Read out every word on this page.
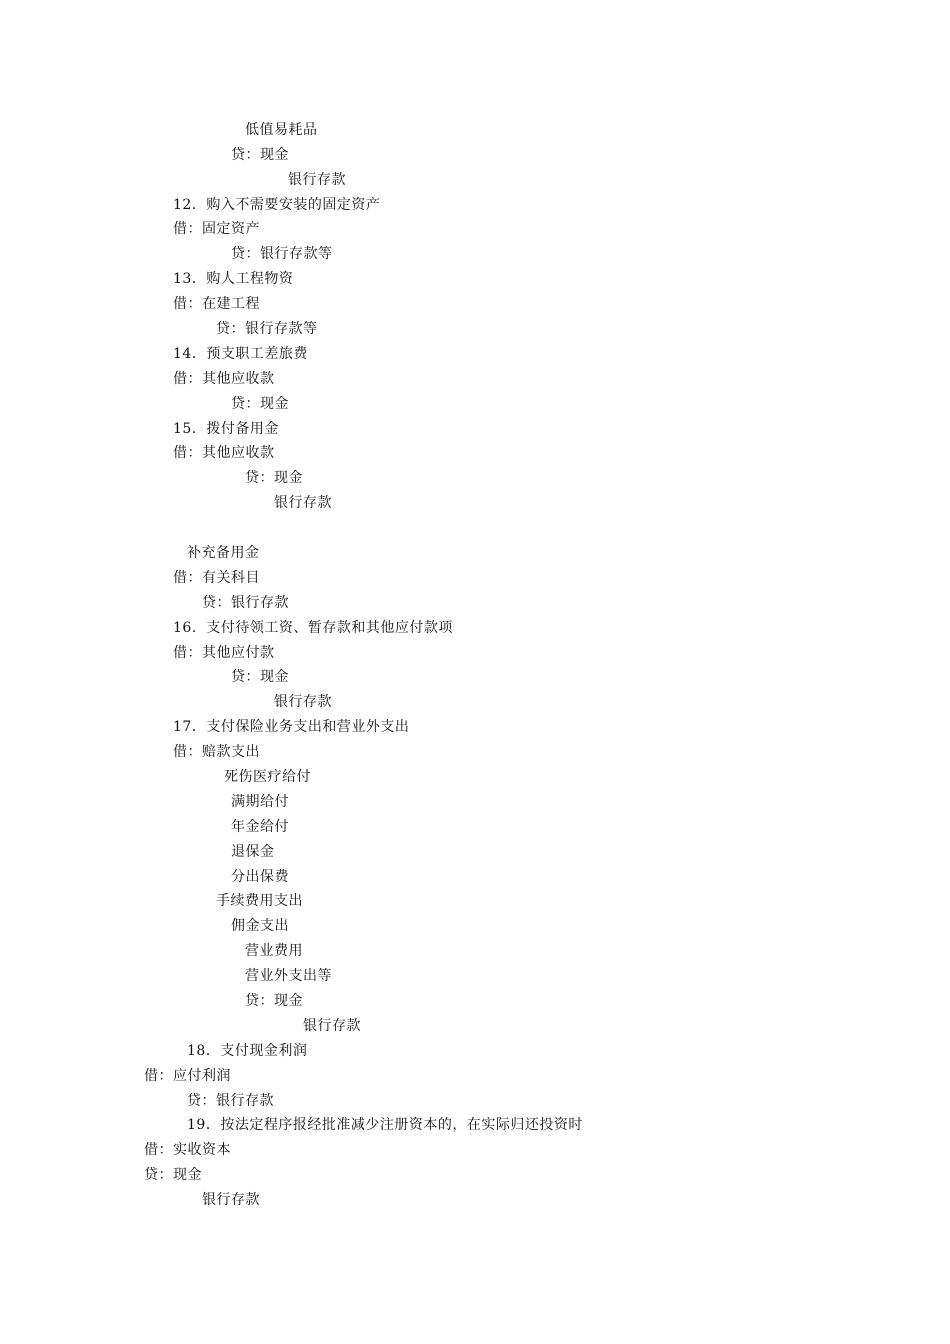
低值易耗品
贷：现金
银行存款
12．购入不需要安装的固定资产
借：固定资产
贷：银行存款等
13．购人工程物资
借：在建工程
贷：银行存款等
14．预支职工差旅费
借：其他应收款
贷：现金
15．拨付备用金
借：其他应收款
贷：现金
银行存款
补充备用金
借：有关科目
贷：银行存款
16．支付待领工资、暂存款和其他应付款项
借：其他应付款
贷：现金
银行存款
17．支付保险业务支出和营业外支出
借：赔款支出
死伤医疗给付
满期给付
年金给付
退保金
分出保费
手续费用支出
佣金支出
营业费用
营业外支出等
贷：现金
银行存款
18．支付现金利润
借：应付利润
贷：银行存款
19．按法定程序报经批准减少注册资本的，在实际归还投资时
借：实收资本
贷：现金
银行存款
